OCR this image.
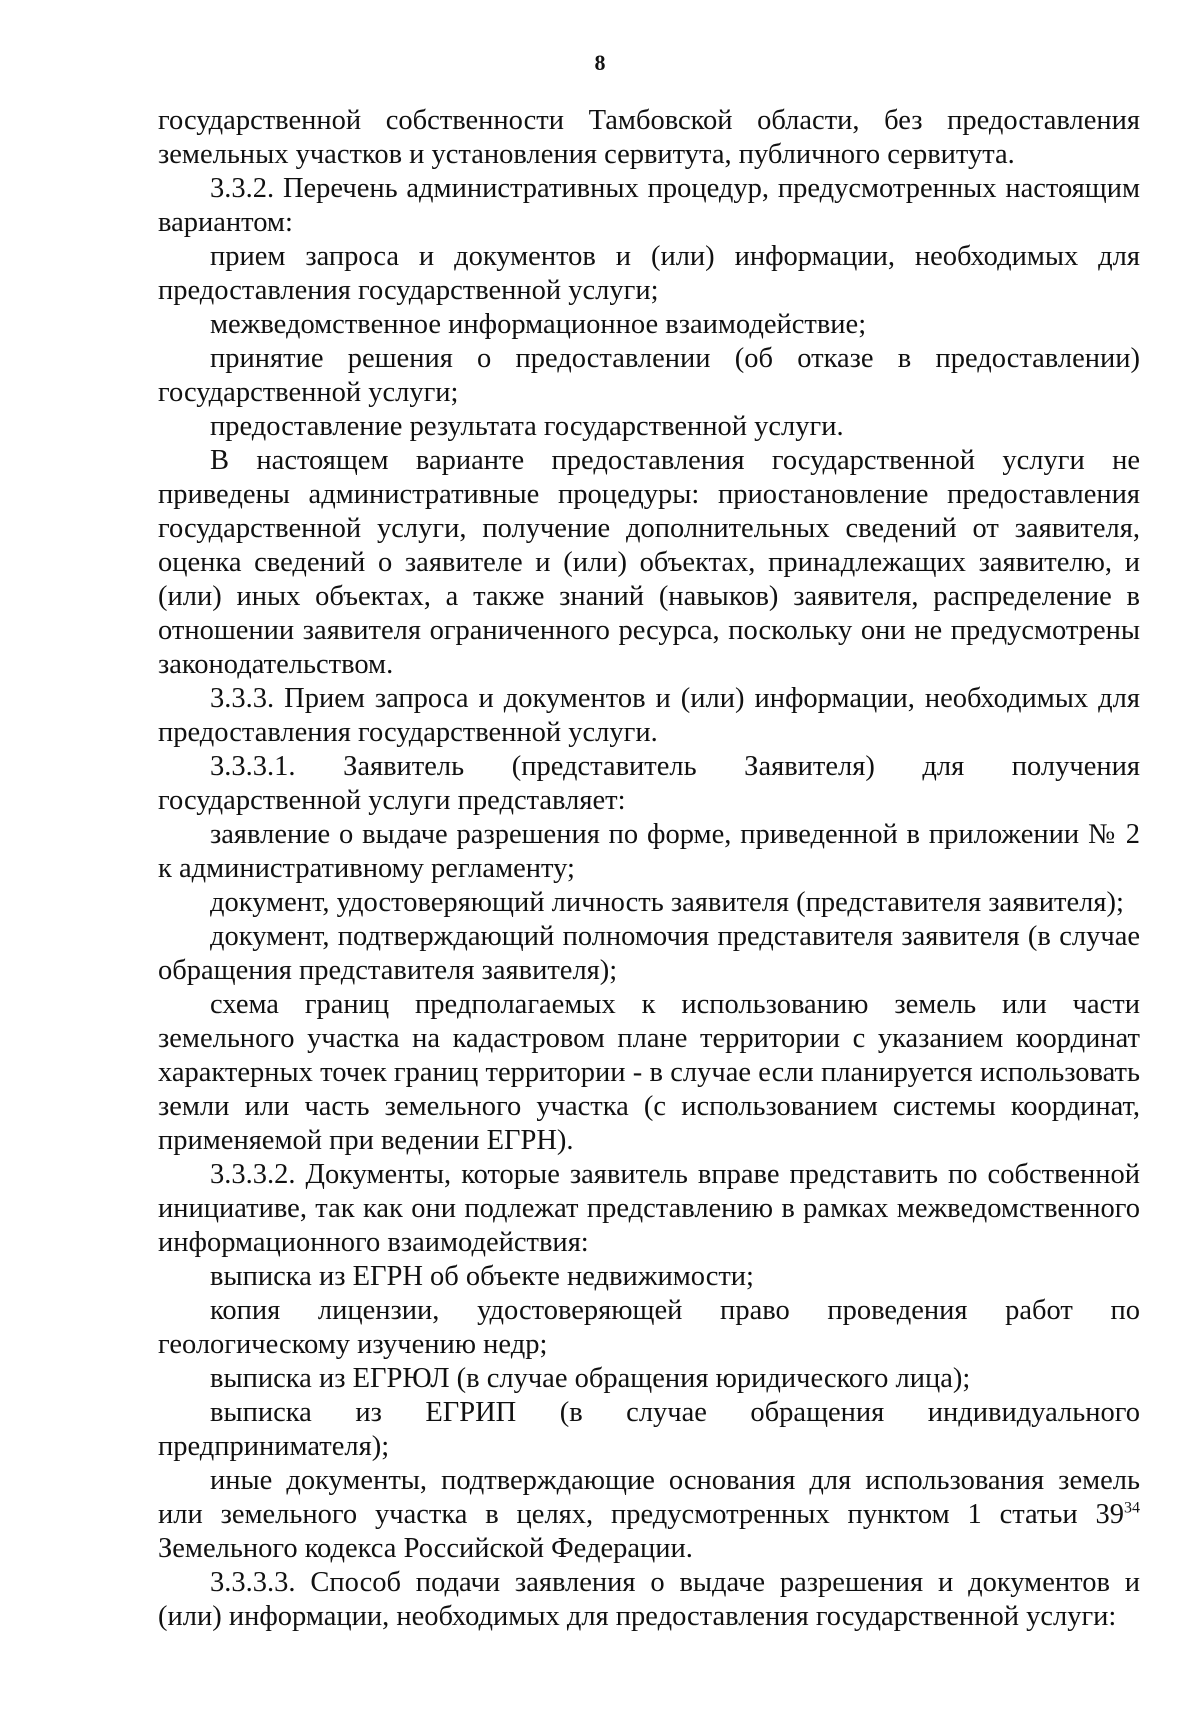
8

государственной собственности Тамбовской области, без предоставления земельных участков и установления сервитута, публичного сервитута.

3.3.2. Перечень административных процедур, предусмотренных настоящим вариантом:

прием запроса и документов и (или) информации, необходимых для предоставления государственной услуги;

межведомственное информационное взаимодействие;

принятие решения о предоставлении (об отказе в предоставлении) государственной услуги;

предоставление результата государственной услуги.

В настоящем варианте предоставления государственной услуги не приведены административные процедуры: приостановление предоставления государственной услуги, получение дополнительных сведений от заявителя, оценка сведений о заявителе и (или) объектах, принадлежащих заявителю, и (или) иных объектах, а также знаний (навыков) заявителя, распределение в отношении заявителя ограниченного ресурса, поскольку они не предусмотрены законодательством.

3.3.3. Прием запроса и документов и (или) информации, необходимых для предоставления государственной услуги.

3.3.3.1. Заявитель (представитель Заявителя) для получения государственной услуги представляет:

заявление о выдаче разрешения по форме, приведенной в приложении № 2 к административному регламенту;

документ, удостоверяющий личность заявителя (представителя заявителя);

документ, подтверждающий полномочия представителя заявителя (в случае обращения представителя заявителя);

схема границ предполагаемых к использованию земель или части земельного участка на кадастровом плане территории с указанием координат характерных точек границ территории - в случае если планируется использовать земли или часть земельного участка (с использованием системы координат, применяемой при ведении ЕГРН).

3.3.3.2. Документы, которые заявитель вправе представить по собственной инициативе, так как они подлежат представлению в рамках межведомственного информационного взаимодействия:

выписка из ЕГРН об объекте недвижимости;

копия лицензии, удостоверяющей право проведения работ по геологическому изучению недр;

выписка из ЕГРЮЛ (в случае обращения юридического лица);

выписка из ЕГРИП (в случае обращения индивидуального предпринимателя);

иные документы, подтверждающие основания для использования земель или земельного участка в целях, предусмотренных пунктом 1 статьи $39^{34}$ Земельного кодекса Российской Федерации.

3.3.3.3. Способ подачи заявления о выдаче разрешения и документов и (или) информации, необходимых для предоставления государственной услуги:
